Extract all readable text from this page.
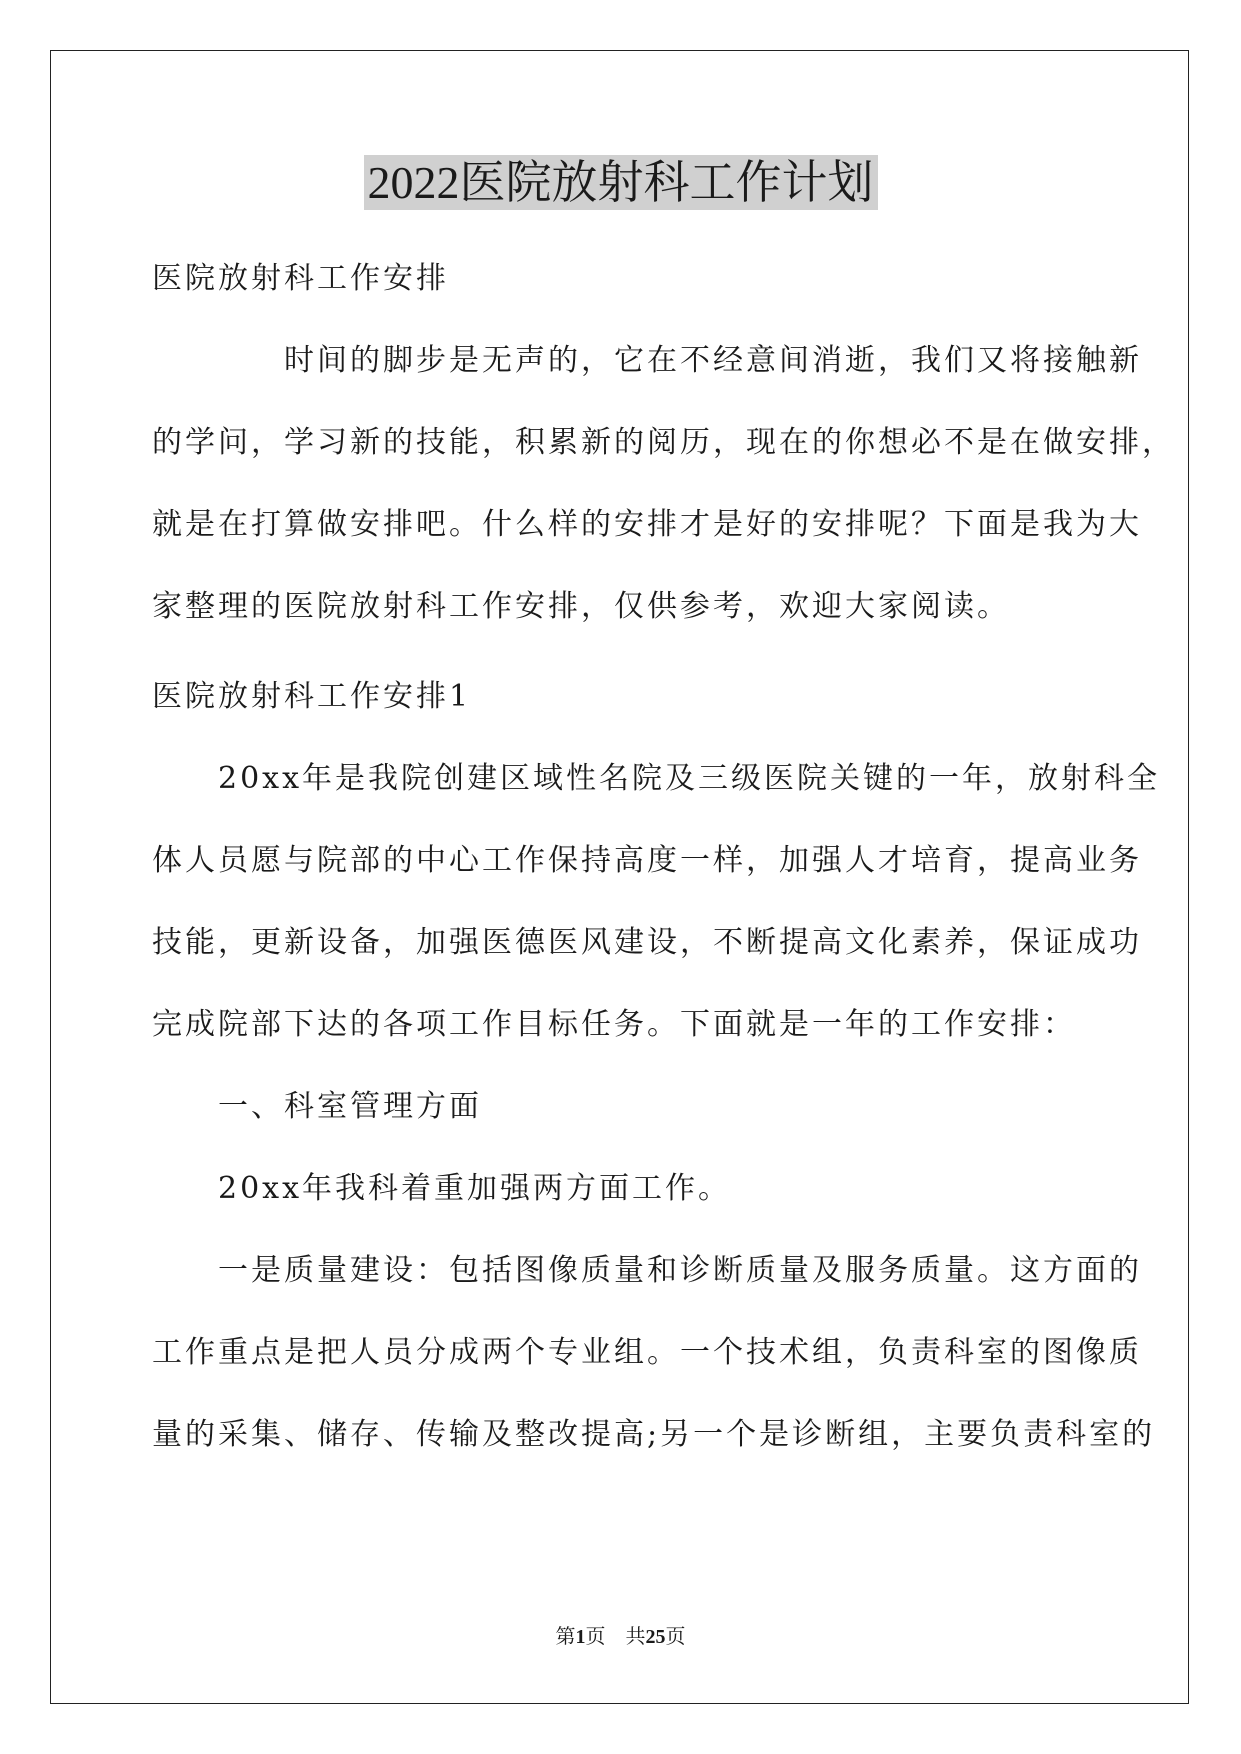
2022医院放射科工作计划

医院放射科工作安排

　　　　时间的脚步是无声的，它在不经意间消逝，我们又将接触新
的学问，学习新的技能，积累新的阅历，现在的你想必不是在做安排，
就是在打算做安排吧。什么样的安排才是好的安排呢？下面是我为大
家整理的医院放射科工作安排，仅供参考，欢迎大家阅读。

医院放射科工作安排1

　　20xx年是我院创建区域性名院及三级医院关键的一年，放射科全
体人员愿与院部的中心工作保持高度一样，加强人才培育，提高业务
技能，更新设备，加强医德医风建设，不断提高文化素养，保证成功
完成院部下达的各项工作目标任务。下面就是一年的工作安排：
　　一、科室管理方面
　　20xx年我科着重加强两方面工作。
　　一是质量建设：包括图像质量和诊断质量及服务质量。这方面的
工作重点是把人员分成两个专业组。一个技术组，负责科室的图像质
量的采集、储存、传输及整改提高;另一个是诊断组，主要负责科室的

第1页　共25页
